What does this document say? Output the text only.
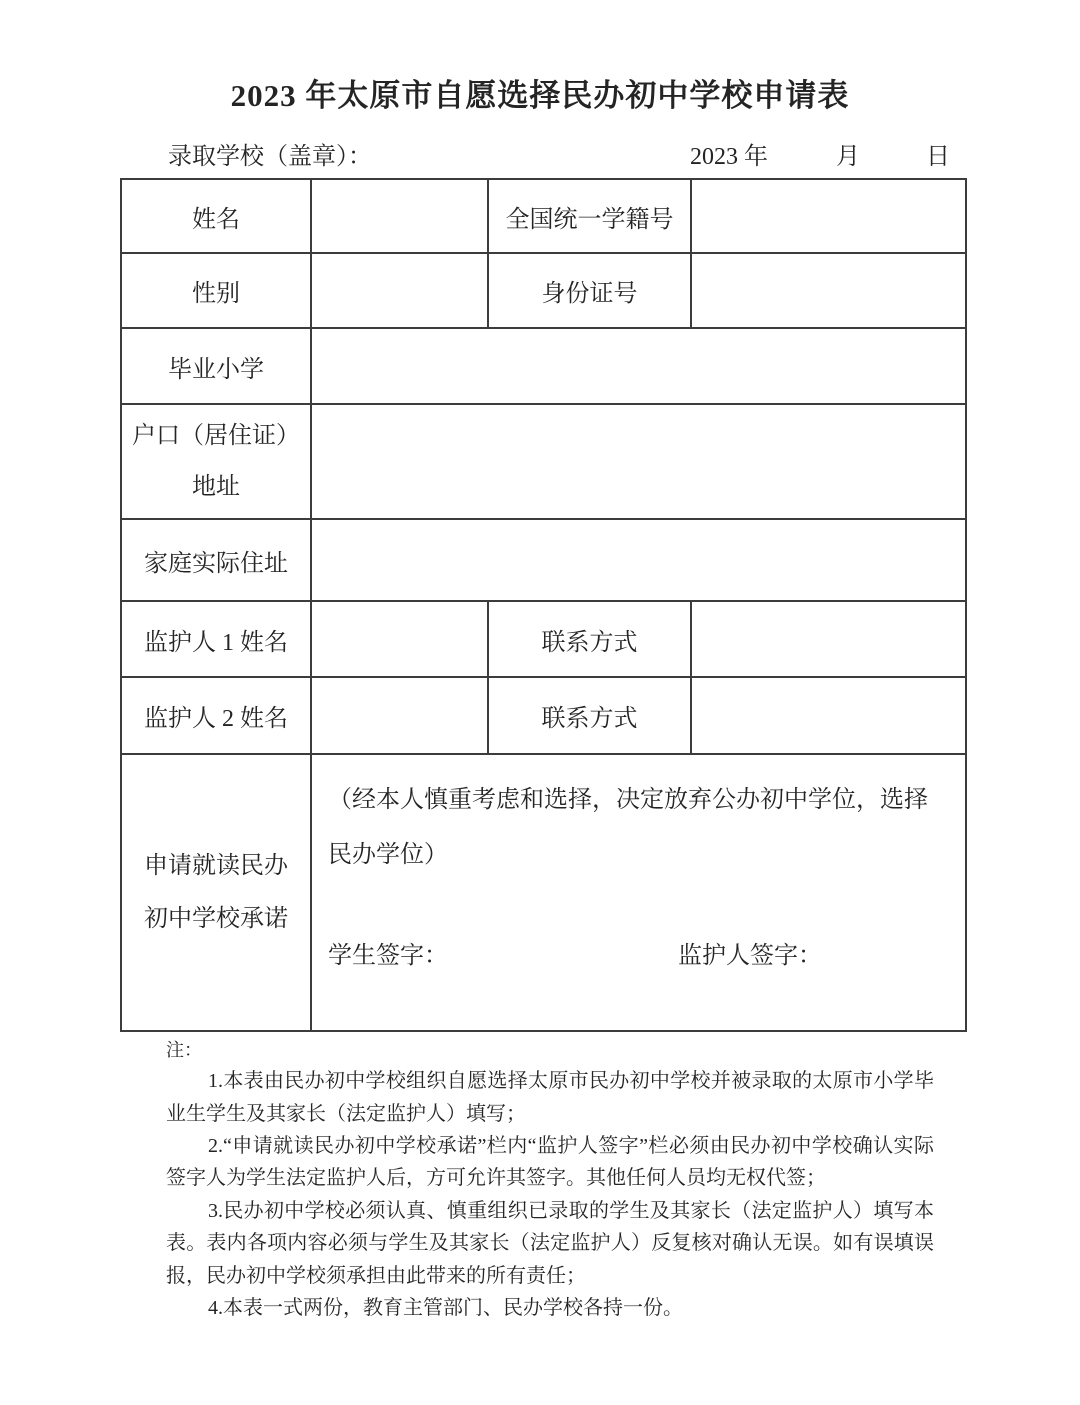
2023 年太原市自愿选择民办初中学校申请表
录取学校（盖章）：	2023 年	月	日
姓名		全国统一学籍号	
性别		身份证号	
毕业小学			

户口（居住证）
地址			

家庭实际住址			
监护人 1 姓名		联系方式	
监护人 2 姓名		联系方式	

申请就读民办
初中学校承诺

（经本人慎重考虑和选择，决定放弃公办初中学位，选择民办学位）
学生签字：	监护人签字：
注：

1.本表由民办初中学校组织自愿选择太原市民办初中学校并被录取的太原市小学毕业生学生及其家长（法定监护人）填写；

2.“申请就读民办初中学校承诺”栏内“监护人签字”栏必须由民办初中学校确认实际签字人为学生法定监护人后，方可允许其签字。其他任何人员均无权代签；

3.民办初中学校必须认真、慎重组织已录取的学生及其家长（法定监护人）填写本表。表内各项内容必须与学生及其家长（法定监护人）反复核对确认无误。如有误填误报，民办初中学校须承担由此带来的所有责任；

4.本表一式两份，教育主管部门、民办学校各持一份。
